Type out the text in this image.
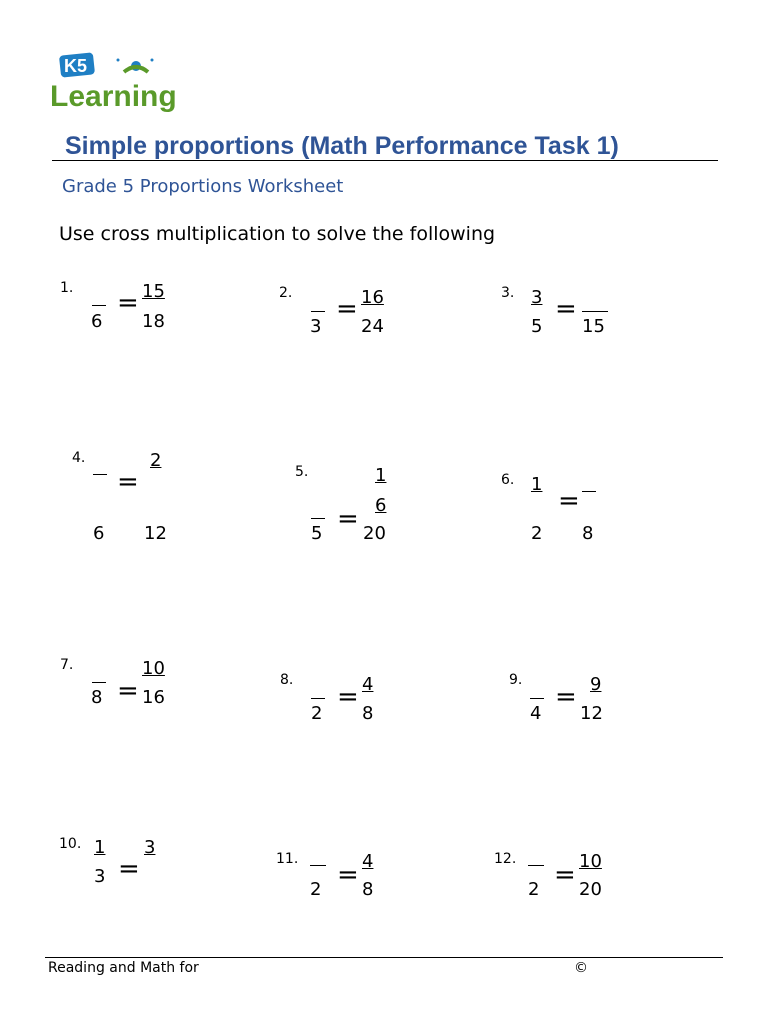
K5
Learning
Simple proportions (Math Performance Task 1)
Grade 5 Proportions Worksheet
Use cross multiplication to solve the following
1.
6
= 15
18
2.
3
= 16
24
3. 3
5
=
15
4.
6
=
2
12
5.
5 =
1
6
20
6. 1
2
=
8
7.
8 =
10
16
8.
2
= 4
8
9.
4
= 9
12
10. 1
3 =
3
11.
2 = 4
8
12.
2 = 10
20
Reading and Math for	©
